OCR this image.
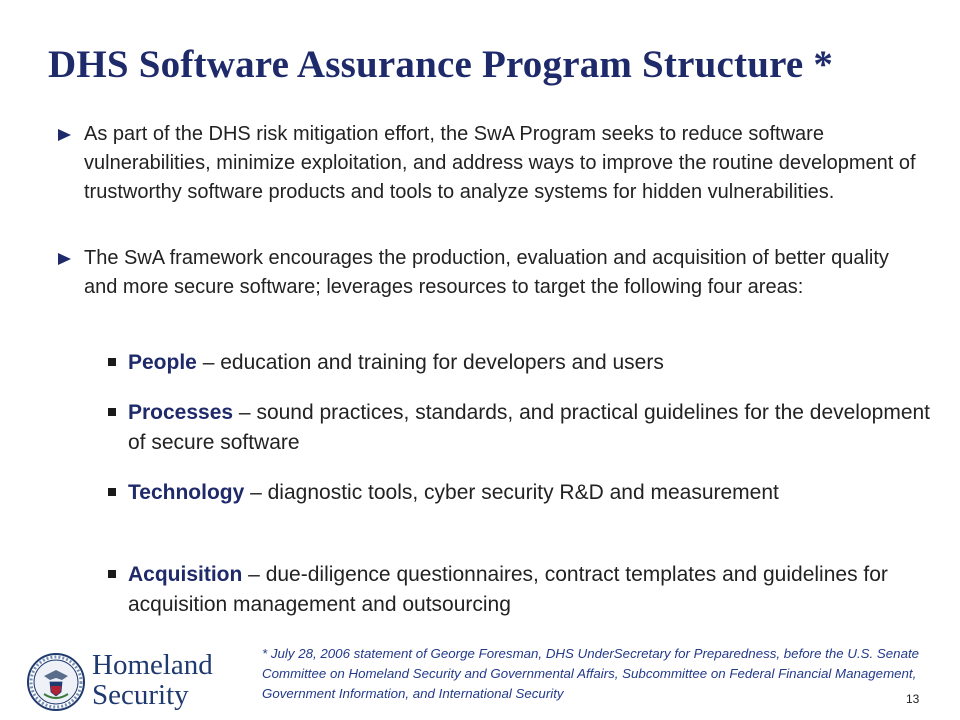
DHS Software Assurance Program Structure *
As part of the DHS risk mitigation effort, the SwA Program seeks to reduce software vulnerabilities, minimize exploitation, and address ways to improve the routine development of trustworthy software products and tools to analyze systems for hidden vulnerabilities.
The SwA framework encourages the production, evaluation and acquisition of better quality and more secure software; leverages resources to target the following four areas:
People – education and training for developers and users
Processes – sound practices, standards, and practical guidelines for the development of secure software
Technology – diagnostic tools, cyber security R&D and measurement
Acquisition – due-diligence questionnaires, contract templates and guidelines for acquisition management and outsourcing
Homeland
Security
* July 28, 2006 statement of George Foresman, DHS UnderSecretary for Preparedness, before the U.S. Senate Committee on Homeland Security and Governmental Affairs, Subcommittee on Federal Financial Management, Government Information, and International Security	13
